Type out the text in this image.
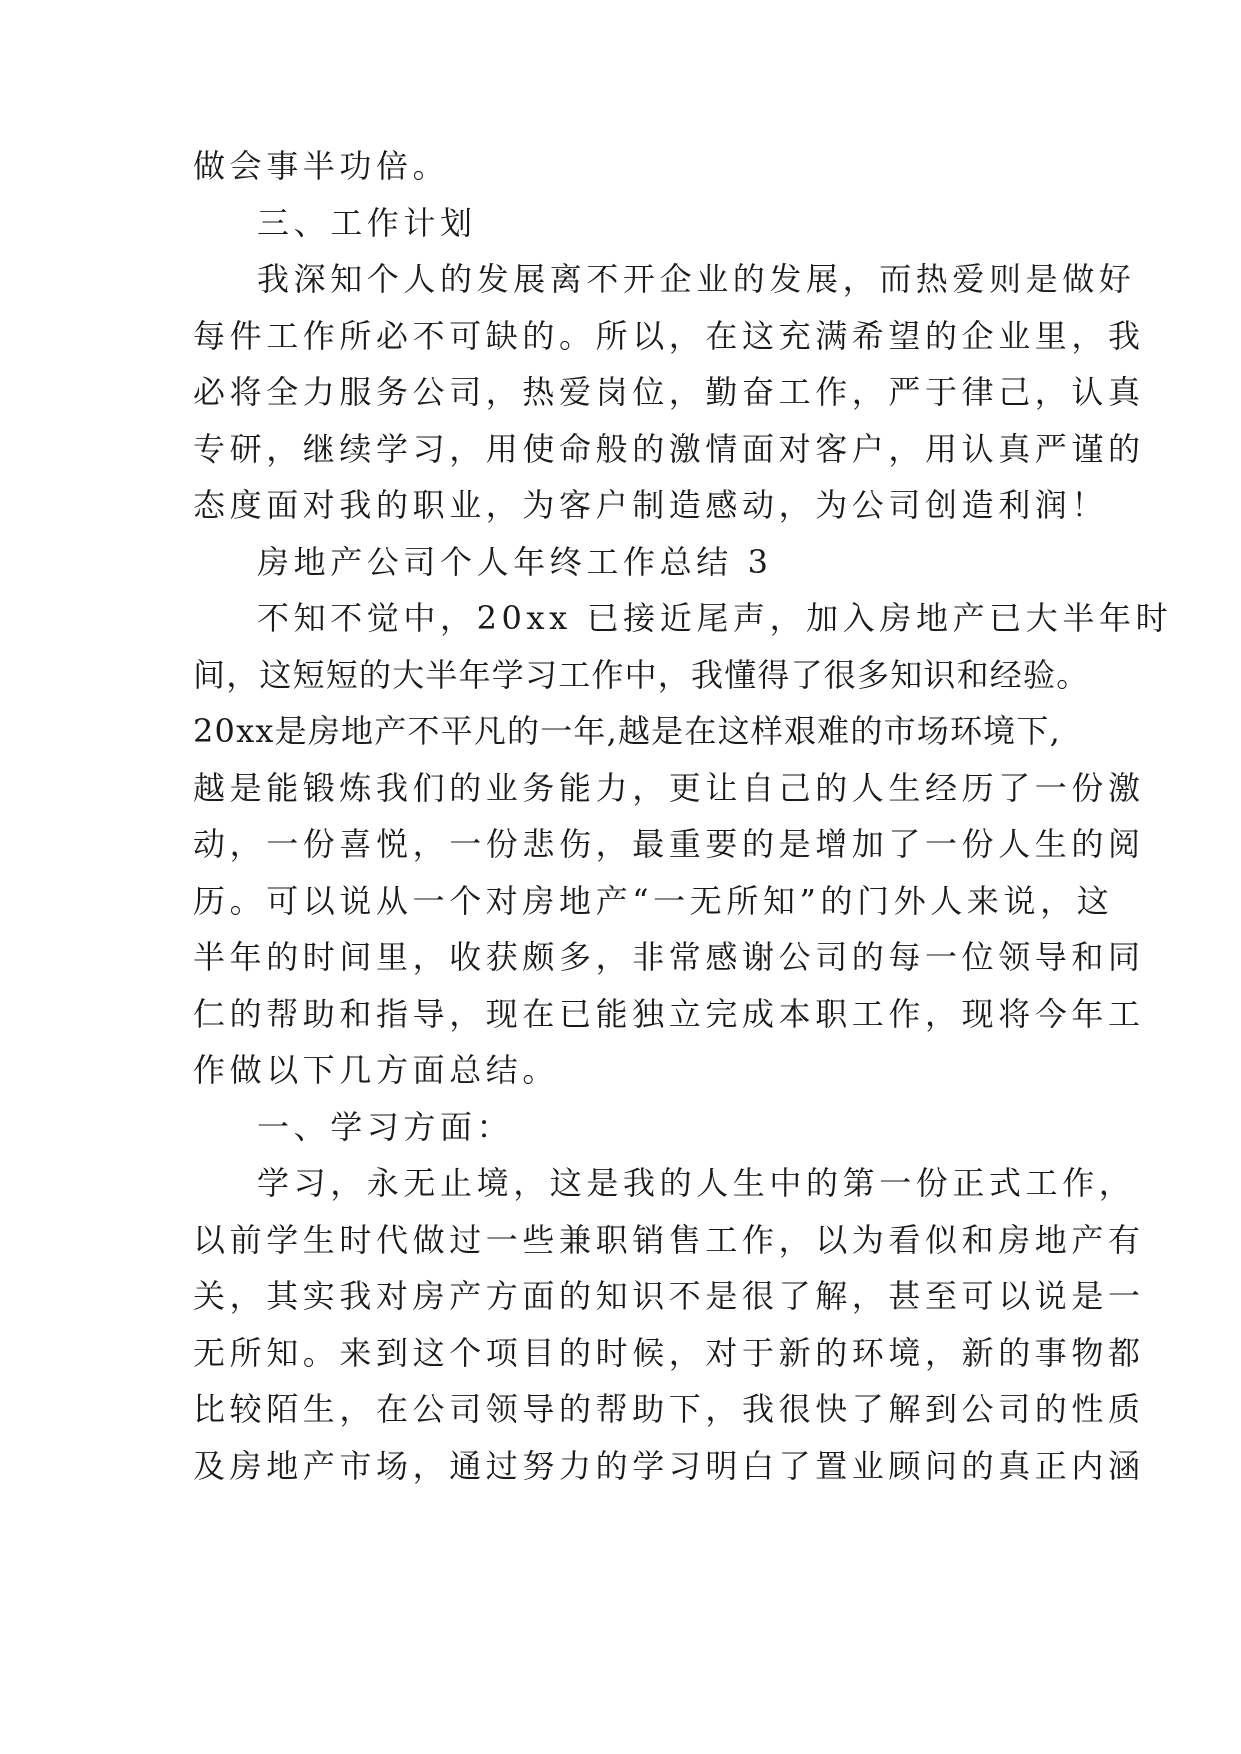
做会事半功倍。
三、工作计划
我深知个人的发展离不开企业的发展，而热爱则是做好
每件工作所必不可缺的。所以，在这充满希望的企业里，我
必将全力服务公司，热爱岗位，勤奋工作，严于律己，认真
专研，继续学习，用使命般的激情面对客户，用认真严谨的
态度面对我的职业，为客户制造感动，为公司创造利润！
房地产公司个人年终工作总结 3
不知不觉中，20xx 已接近尾声，加入房地产已大半年时
间，这短短的大半年学习工作中，我懂得了很多知识和经验。
20xx是房地产不平凡的一年,越是在这样艰难的市场环境下,
越是能锻炼我们的业务能力，更让自己的人生经历了一份激
动，一份喜悦，一份悲伤，最重要的是增加了一份人生的阅
历。可以说从一个对房地产“一无所知”的门外人来说，这
半年的时间里，收获颇多，非常感谢公司的每一位领导和同
仁的帮助和指导，现在已能独立完成本职工作，现将今年工
作做以下几方面总结。
一、学习方面：
学习，永无止境，这是我的人生中的第一份正式工作，
以前学生时代做过一些兼职销售工作，以为看似和房地产有
关，其实我对房产方面的知识不是很了解，甚至可以说是一
无所知。来到这个项目的时候，对于新的环境，新的事物都
比较陌生，在公司领导的帮助下，我很快了解到公司的性质
及房地产市场，通过努力的学习明白了置业顾问的真正内涵
